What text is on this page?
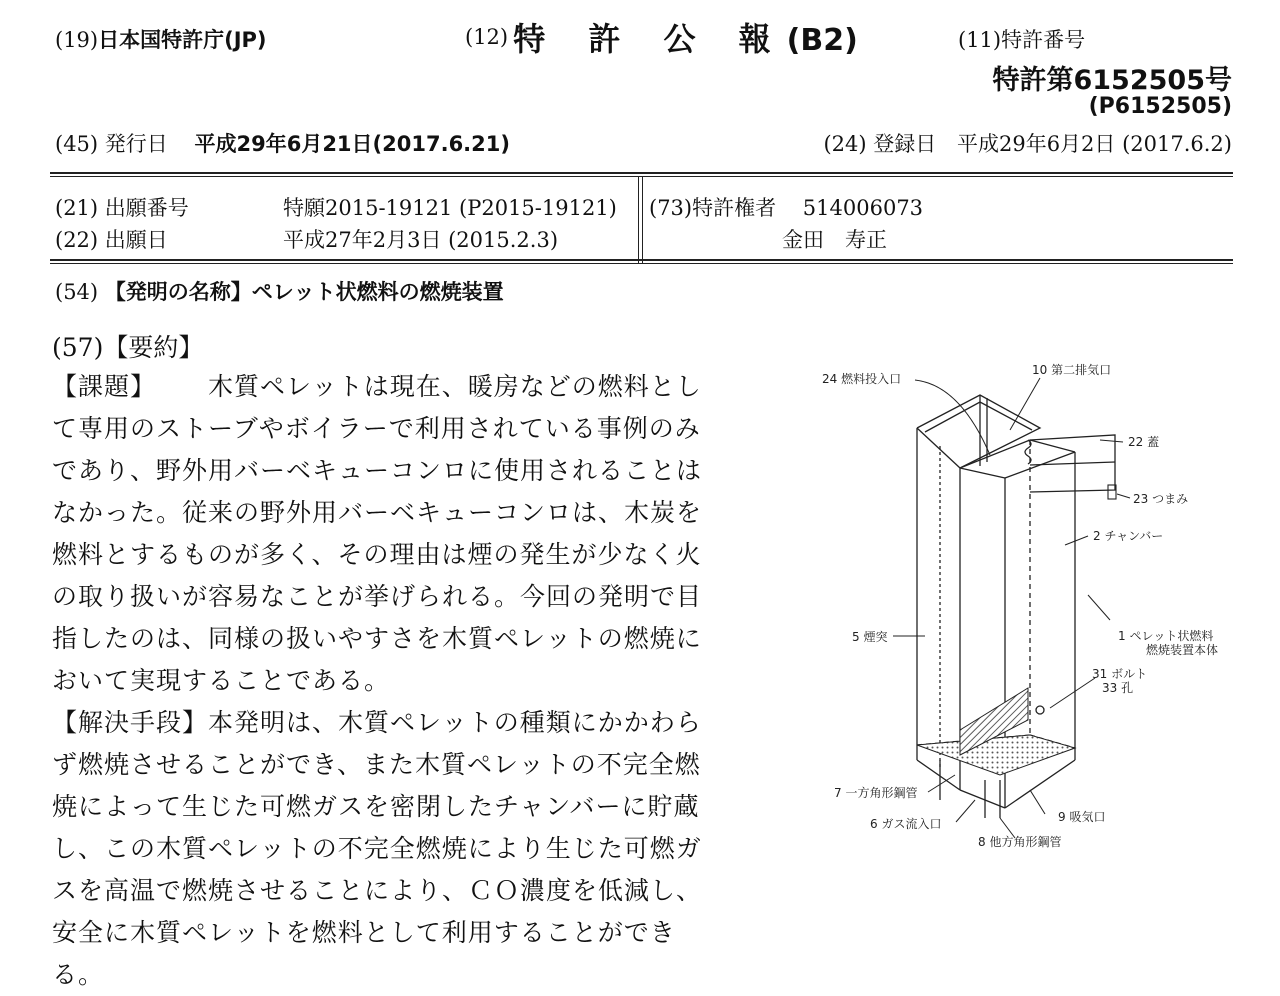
(19)日本国特許庁(JP)	(12) 特 許 公 報(B2)	(11)特許番号
特許第6152505号
(P6152505)
(45) 発行日 平成29年6月21日(2017.6.21)	(24) 登録日 平成29年6月2日 (2017.6.2)
(21) 出願番号	特願2015-19121 (P2015-19121)
(22) 出願日	平成27年2月3日 (2015.2.3)
(73)特許権者 514006073
金田　寿正
(54) 【発明の名称】ペレット状燃料の燃焼装置
(57)【要約】
【課題】 木質ペレットは現在、暖房などの燃料とし
て専用のストーブやボイラーで利用されている事例のみ
であり、野外用バーベキューコンロに使用されることは
なかった。従来の野外用バーベキューコンロは、木炭を
燃料とするものが多く、その理由は煙の発生が少なく火
の取り扱いが容易なことが挙げられる。今回の発明で目
指したのは、同様の扱いやすさを木質ペレットの燃焼に
おいて実現することである。
【解決手段】本発明は、木質ペレットの種類にかかわら
ず燃焼させることができ、また木質ペレットの不完全燃
焼によって生じた可燃ガスを密閉したチャンバーに貯蔵
し、この木質ペレットの不完全燃焼により生じた可燃ガ
スを高温で燃焼させることにより、ＣＯ濃度を低減し、
安全に木質ペレットを燃料として利用することができる。
24 燃料投入口
10 第二排気口
22 蓋
23 つまみ
2 チャンバー
5 煙突	1 ペレット状燃料
燃焼装置本体
31 ボルト
33 孔
7 一方角形鋼管
6 ガス流入口	9 吸気口
8 他方角形鋼管
